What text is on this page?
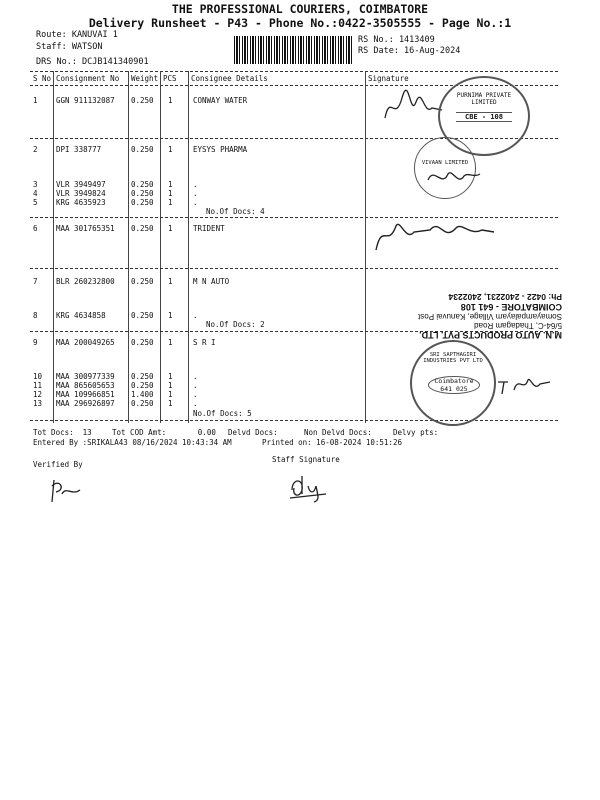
THE PROFESSIONAL COURIERS, COIMBATORE
Delivery Runsheet - P43 - Phone No.:0422-3505555 - Page No.:1
Route: KANUVAI 1
Staff: WATSON
DRS No.: DCJB141340901
RS No.: 1413409
RS Date: 16-Aug-2024
S No Consignment No Weight PCS Consignee Details	Signature
1 GGN 911132087 0.250 1	CONWAY WATER
2 DPI 338777	0.250 1	EYSYS PHARMA
3 VLR 3949497	0.250 1	.
4 VLR 3949824	0.250 1	.
5 KRG 4635923	0.250 1	.
No.Of Docs: 4
6 MAA 301765351 0.250 1	TRIDENT
7 BLR 260232800 0.250 1	M N AUTO
8 KRG 4634858	0.250 1	.
No.Of Docs: 2
9 MAA 200049265 0.250 1	S R I
10 MAA 300977339 0.250 1	.
11 MAA 865605653 0.250 1	.
12 MAA 109966851 1.400 1	.
13 MAA 296926897 0.250 1	.
No.Of Docs: 5
PURNIMA PRIVATE LIMITED
CBE - 108
VIVAAN LIMITED
M.N. AUTO PRODUCTS PVT. LTD.
5/64-C, Thadagam Road
Somayampalayam Village, Kanuvai Post
COIMBATORE - 641 108
Ph: 0422 - 2402231, 2402234
SRI SAPTHAGIRI INDUSTRIES PVT LTD
Coimbatore 641 025
Tot Docs:  13	Tot COD Amt:       0.00 Delvd Docs:	Non Delvd Docs:	Delvy pts:
Entered By :SRIKALA43 08/16/2024 10:43:34 AM	Printed on: 16-08-2024 10:51:26
Verified By
Staff Signature
